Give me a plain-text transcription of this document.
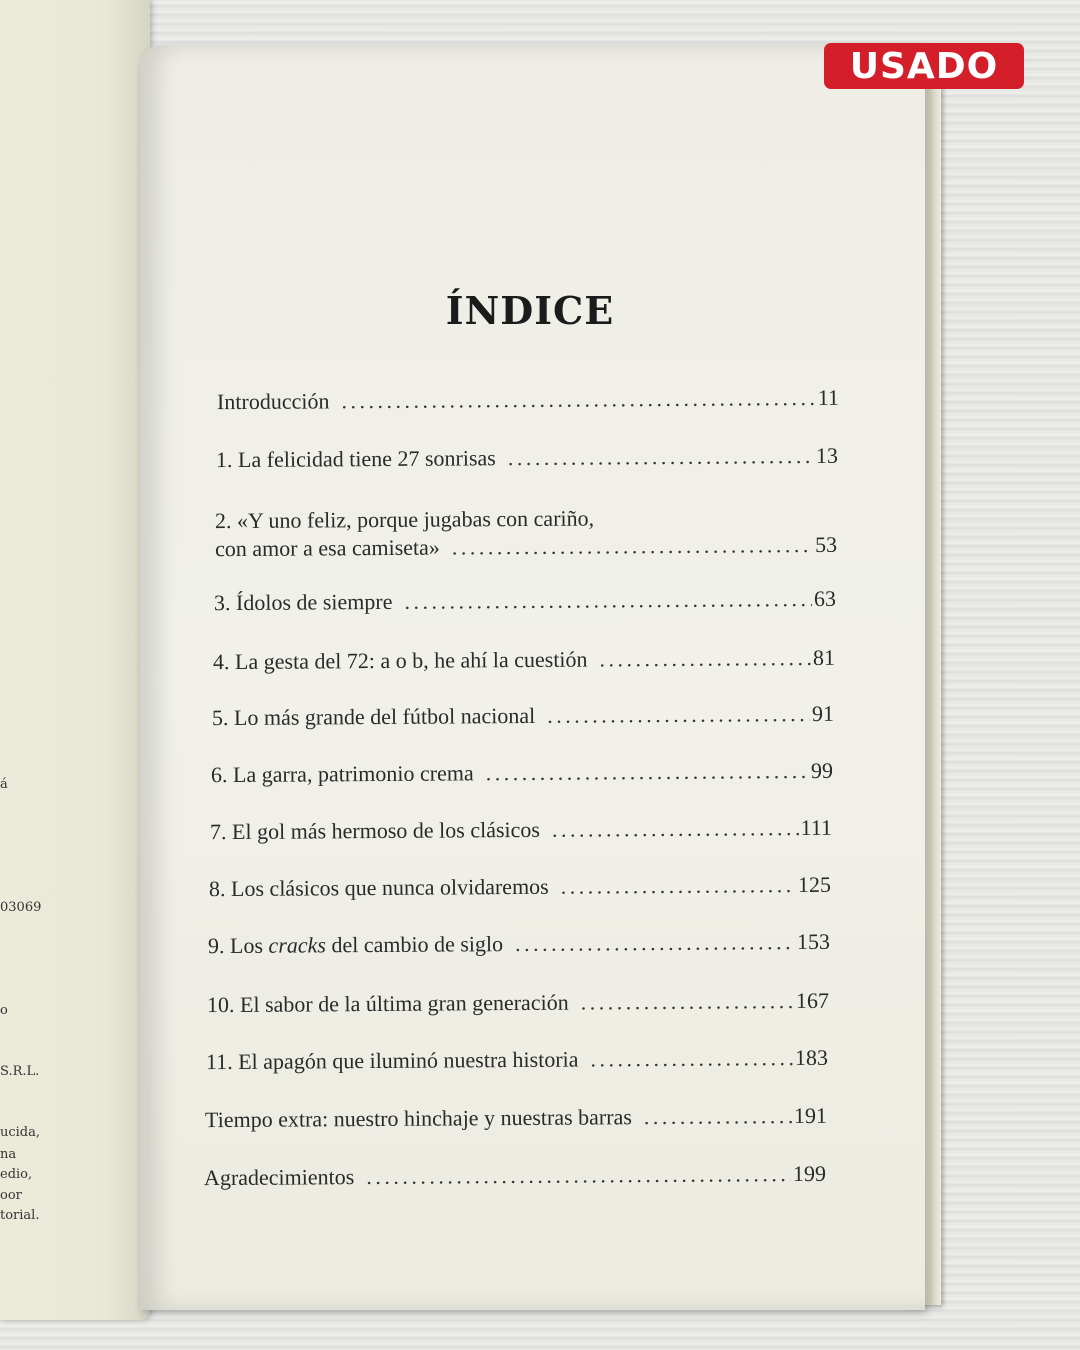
á
03069
o
S.R.L.
ucida,
na
edio,
oor
torial.
USADO
ÍNDICE
Introducción . . .	11
1. La felicidad tiene 27 sonrisas . . .	13
2. «Y uno feliz, porque jugabas con cariño,
con amor a esa camiseta» . . .	53
3. Ídolos de siempre . . .	63
4. La gesta del 72: a o b, he ahí la cuestión . . .	81
5. Lo más grande del fútbol nacional . . .	91
6. La garra, patrimonio crema . . .	99
7. El gol más hermoso de los clásicos . . .	111
8. Los clásicos que nunca olvidaremos . . .	125
9. Los cracks del cambio de siglo . . .	153
10. El sabor de la última gran generación . . .	167
11. El apagón que iluminó nuestra historia . . .	183
Tiempo extra: nuestro hinchaje y nuestras barras . . .	191
Agradecimientos . . .	199
